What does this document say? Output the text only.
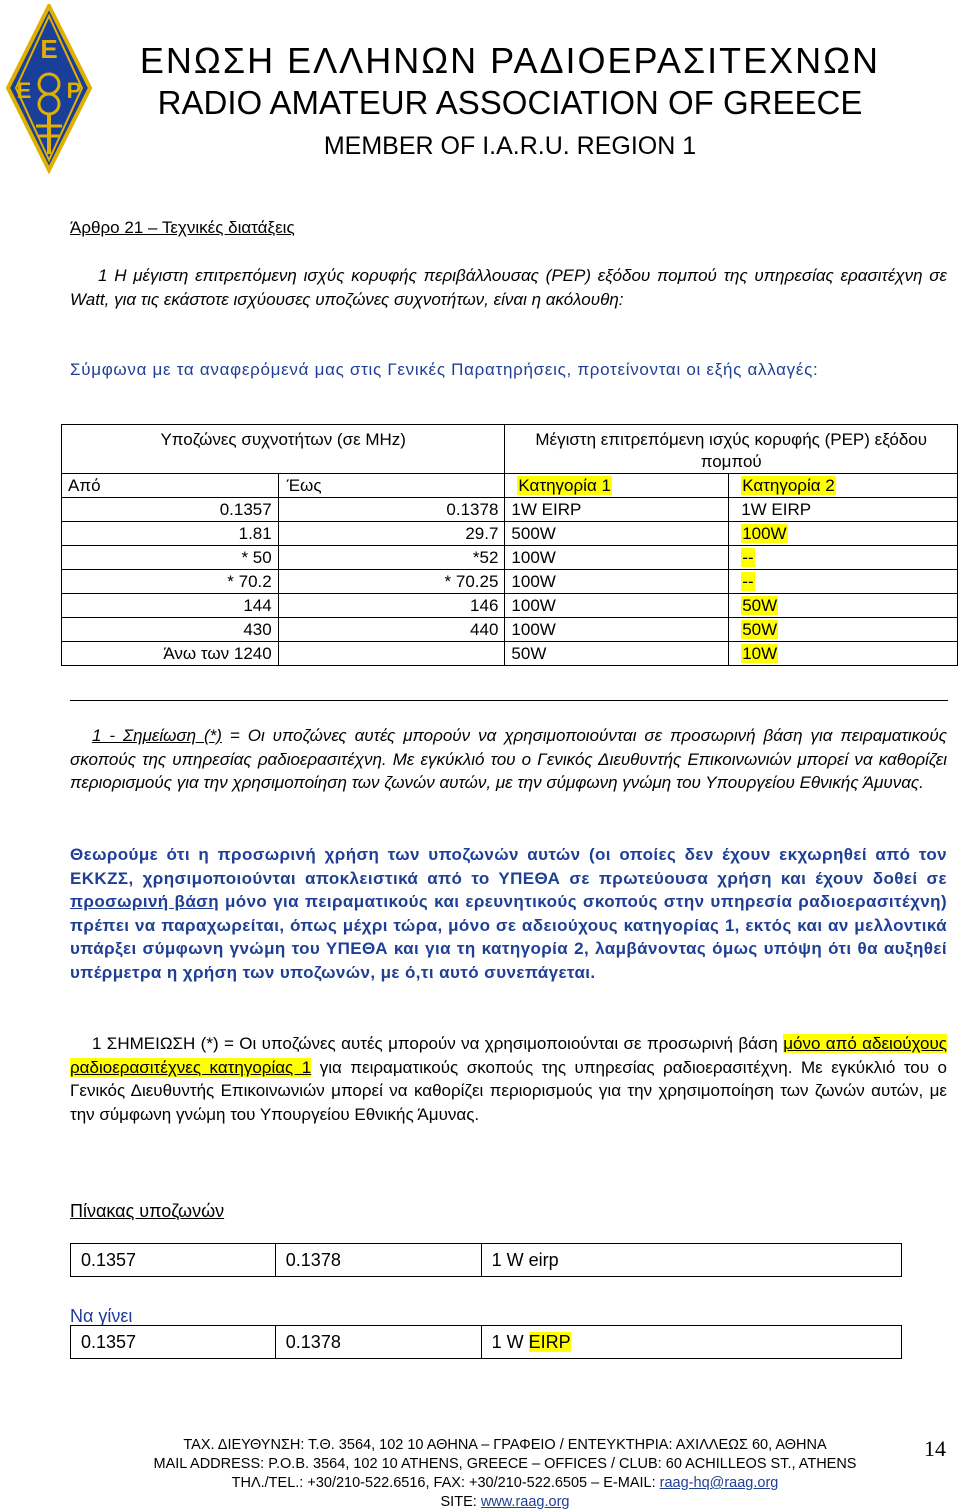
E
E P
ΕΝΩΣΗ ΕΛΛΗΝΩΝ ΡΑΔΙΟΕΡΑΣΙΤΕΧΝΩΝ
RADIO AMATEUR ASSOCIATION OF GREECE
MEMBER OF I.A.R.U. REGION 1
Άρθρο 21 – Τεχνικές διατάξεις
1 Η μέγιστη επιτρεπόμενη ισχύς κορυφής περιβάλλουσας (PEP) εξόδου πομπού της υπηρεσίας ερασιτέχνη σε Watt, για τις εκάστοτε ισχύουσες υποζώνες συχνοτήτων, είναι η ακόλουθη:
Σύμφωνα με τα αναφερόμενά μας στις Γενικές Παρατηρήσεις, προτείνονται οι εξής αλλαγές:
Υποζώνες συχνοτήτων (σε MHz)		Μέγιστη επιτρεπόμενη ισχύς κορυφής (PEP) εξόδου πομπού	
Από	Έως	Κατηγορία 1	Κατηγορία 2
0.1357	0.1378	1W EIRP	1W EIRP
1.81	29.7	500W	100W
* 50	*52	100W	--
* 70.2	* 70.25	100W	--
144	146	100W	50W
430	440	100W	50W
Άνω των 1240		50W	10W
1 - Σημείωση (*) = Οι υποζώνες αυτές μπορούν να χρησιμοποιούνται σε προσωρινή βάση για πειραματικούς σκοπούς της υπηρεσίας ραδιοερασιτέχνη. Με εγκύκλιό του ο Γενικός Διευθυντής Επικοινωνιών μπορεί να καθορίζει περιορισμούς για την χρησιμοποίηση των ζωνών αυτών, με την σύμφωνη γνώμη του Υπουργείου Εθνικής Άμυνας.
Θεωρούμε ότι η προσωρινή χρήση των υποζωνών αυτών (οι οποίες δεν έχουν εκχωρηθεί από τον ΕΚΚΖΣ, χρησιμοποιούνται αποκλειστικά από το ΥΠΕΘΑ σε πρωτεύουσα χρήση και έχουν δοθεί σε προσωρινή βάση μόνο για πειραματικούς και ερευνητικούς σκοπούς στην υπηρεσία ραδιοερασιτέχνη) πρέπει να παραχωρείται, όπως μέχρι τώρα, μόνο σε αδειούχους κατηγορίας 1, εκτός και αν μελλοντικά υπάρξει σύμφωνη γνώμη του ΥΠΕΘΑ και για τη κατηγορία 2, λαμβάνοντας όμως υπόψη ότι θα αυξηθεί υπέρμετρα η χρήση των υποζωνών, με ό,τι αυτό συνεπάγεται.
1 ΣΗΜΕΙΩΣΗ (*) = Οι υποζώνες αυτές μπορούν να χρησιμοποιούνται σε προσωρινή βάση μόνο από αδειούχους ραδιοερασιτέχνες κατηγορίας 1 για πειραματικούς σκοπούς της υπηρεσίας ραδιοερασιτέχνη. Με εγκύκλιό του ο Γενικός Διευθυντής Επικοινωνιών μπορεί να καθορίζει περιορισμούς για την χρησιμοποίηση των ζωνών αυτών, με την σύμφωνη γνώμη του Υπουργείου Εθνικής Άμυνας.
Πίνακας υποζωνών
0.1357	0.1378	1 W eirp
Να γίνει
0.1357	0.1378	1 W EIRP
ΤΑΧ. ΔΙΕΥΘΥΝΣΗ: Τ.Θ. 3564, 102 10 ΑΘΗΝΑ – ΓΡΑΦΕΙΟ / ΕΝΤΕΥΚΤΗΡΙΑ: ΑΧΙΛΛΕΩΣ 60, ΑΘΗΝΑ
MAIL ADDRESS: P.O.B. 3564, 102 10 ATHENS, GREECE – OFFICES / CLUB: 60 ACHILLEOS ST., ATHENS
ΤΗΛ./TEL.: +30/210-522.6516, FAX: +30/210-522.6505 – E-MAIL: raag-hq@raag.org
SITE: www.raag.org
14
